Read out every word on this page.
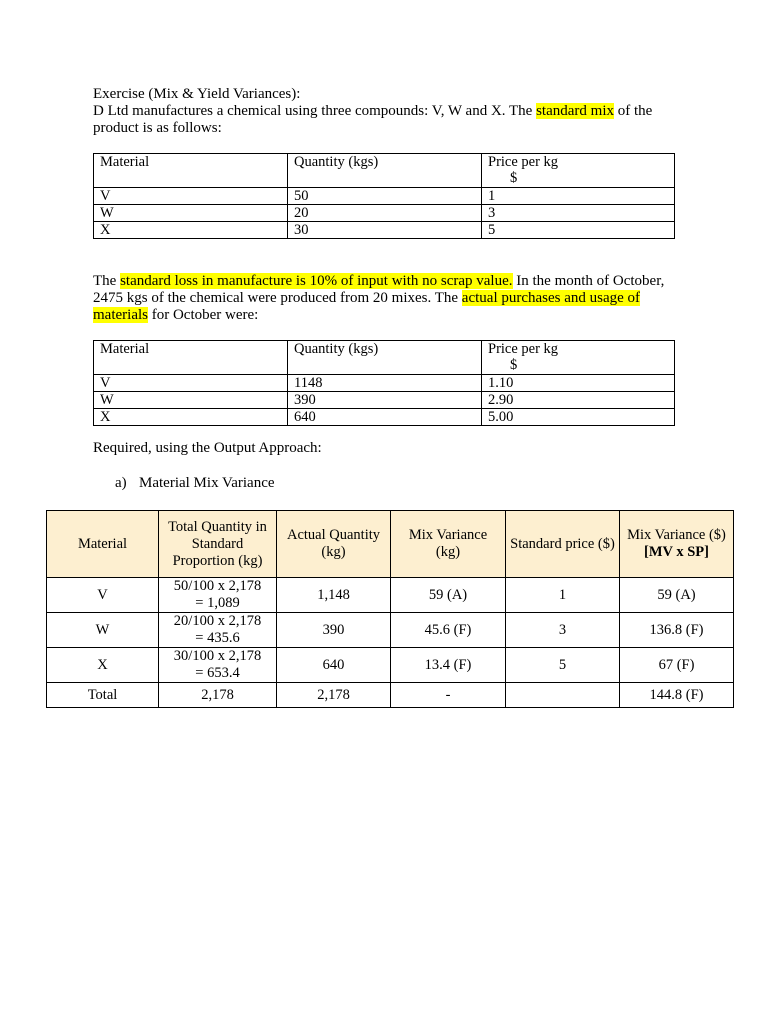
Exercise (Mix & Yield Variances):

D Ltd manufactures a chemical using three compounds: V, W and X. The standard mix of the

product is as follows:

Material	Quantity (kgs)	Price per kg
$

V	50	1
W	20	3
X	30	5

The standard loss in manufacture is 10% of input with no scrap value. In the month of October, 2475 kgs of the chemical were produced from 20 mixes. The actual purchases and usage of materials for October were:

Material	Quantity (kgs)	Price per kg
$

V	1148	1.10
W	390	2.90
X	640	5.00

Required, using the Output Approach:

a) Material Mix Variance

Material	Total Quantity in Standard Proportion (kg)	Actual Quantity (kg)	Mix Variance (kg)	Standard price ($)	Mix Variance ($)
[MV x SP]

V	50/100 x 2,178
= 1,089	1,148	59 (A)	1	59 (A)
W	20/100 x 2,178
= 435.6	390	45.6 (F)	3	136.8 (F)
X	30/100 x 2,178
= 653.4	640	13.4 (F)	5	67 (F)
Total	2,178	2,178	-		144.8 (F)
